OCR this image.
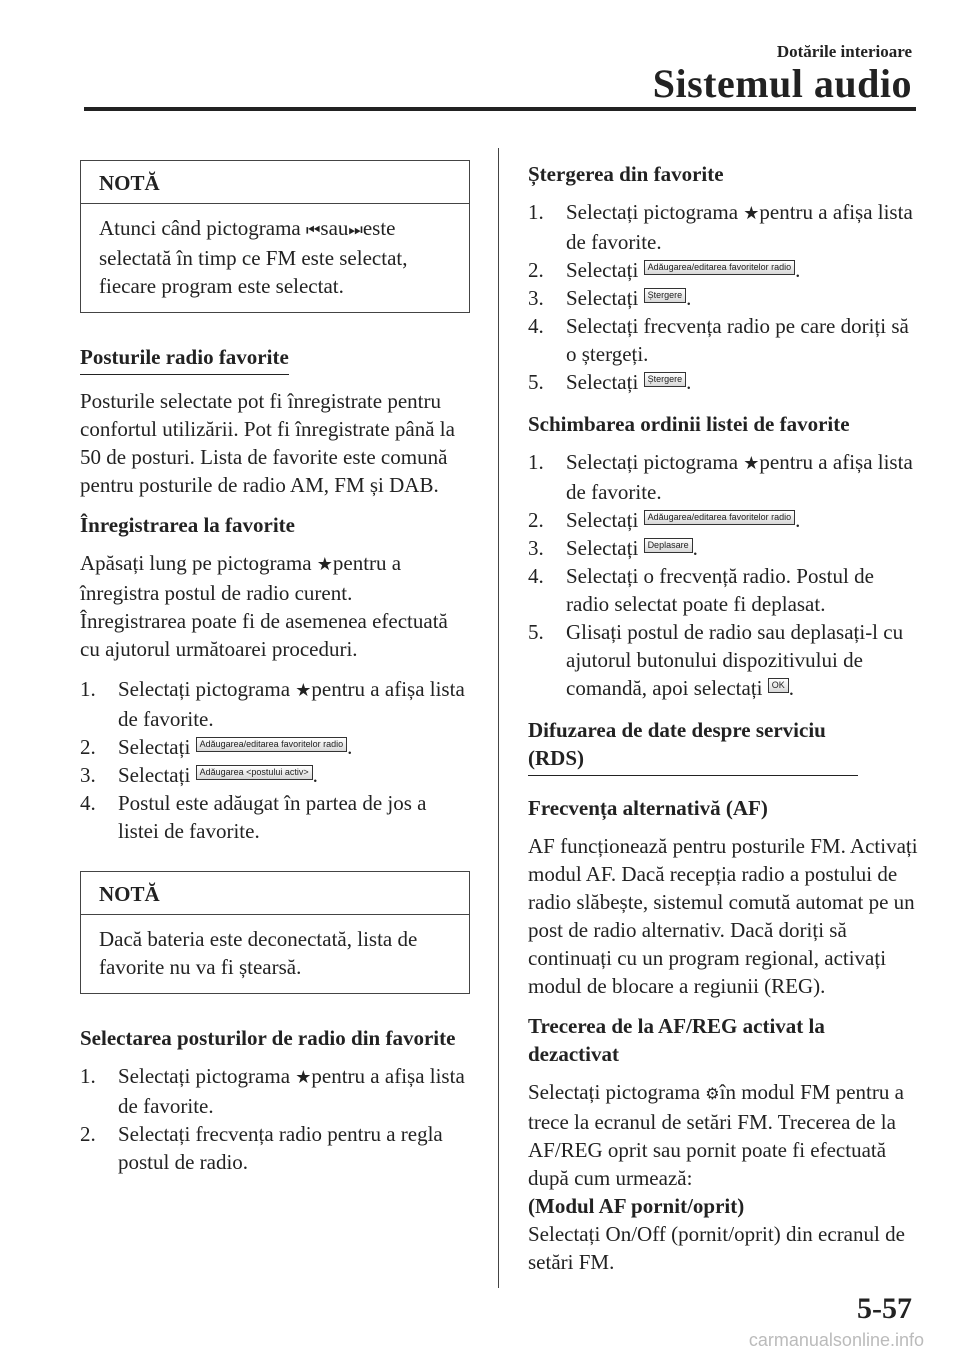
Dotările interioare
Sistemul audio
NOTĂ
Atunci când pictograma ⏮sau⏭este selectată în timp ce FM este selectat, fiecare program este selectat.
Posturile radio favorite

Posturile selectate pot fi înregistrate pentru confortul utilizării. Pot fi înregistrate până la 50 de posturi. Lista de favorite este comună pentru posturile de radio AM, FM și DAB.

Înregistrarea la favorite

Apăsați lung pe pictograma ★pentru a înregistra postul de radio curent.
Înregistrarea poate fi de asemenea efectuată cu ajutorul următoarei proceduri.

1. Selectați pictograma ★pentru a afișa lista de favorite.
2. Selectați Adăugarea/editarea favoritelor radio .
3. Selectați Adăugarea <postului activ> .
4. Postul este adăugat în partea de jos a listei de favorite.
NOTĂ
Dacă bateria este deconectată, lista de favorite nu va fi ștearsă.
Selectarea posturilor de radio din favorite
1. Selectați pictograma ★pentru a afișa lista de favorite.
2. Selectați frecvența radio pentru a regla postul de radio.
Ștergerea din favorite
1. Selectați pictograma ★pentru a afișa lista de favorite.
2. Selectați Adăugarea/editarea favoritelor radio .
3. Selectați Ștergere .
4. Selectați frecvența radio pe care doriți să o ștergeți.
5. Selectați Ștergere .
Schimbarea ordinii listei de favorite
1. Selectați pictograma ★pentru a afișa lista de favorite.
2. Selectați Adăugarea/editarea favoritelor radio .
3. Selectați Deplasare .
4. Selectați o frecvență radio. Postul de radio selectat poate fi deplasat.
5. Glisați postul de radio sau deplasați-l cu ajutorul butonului dispozitivului de comandă, apoi selectați OK .
Difuzarea de date despre serviciu (RDS)
Frecvența alternativă (AF)

AF funcționează pentru posturile FM. Activați modul AF. Dacă recepția radio a postului de radio slăbește, sistemul comută automat pe un post de radio alternativ. Dacă doriți să continuați cu un program regional, activați modul de blocare a regiunii (REG).

Trecerea de la AF/REG activat la dezactivat

Selectați pictograma ⚙în modul FM pentru a trece la ecranul de setări FM. Trecerea de la AF/REG oprit sau pornit poate fi efectuată după cum urmează:

(Modul AF pornit/oprit)

Selectați On/Off (pornit/oprit) din ecranul de setări FM.

5-57
carmanualsonline.info
